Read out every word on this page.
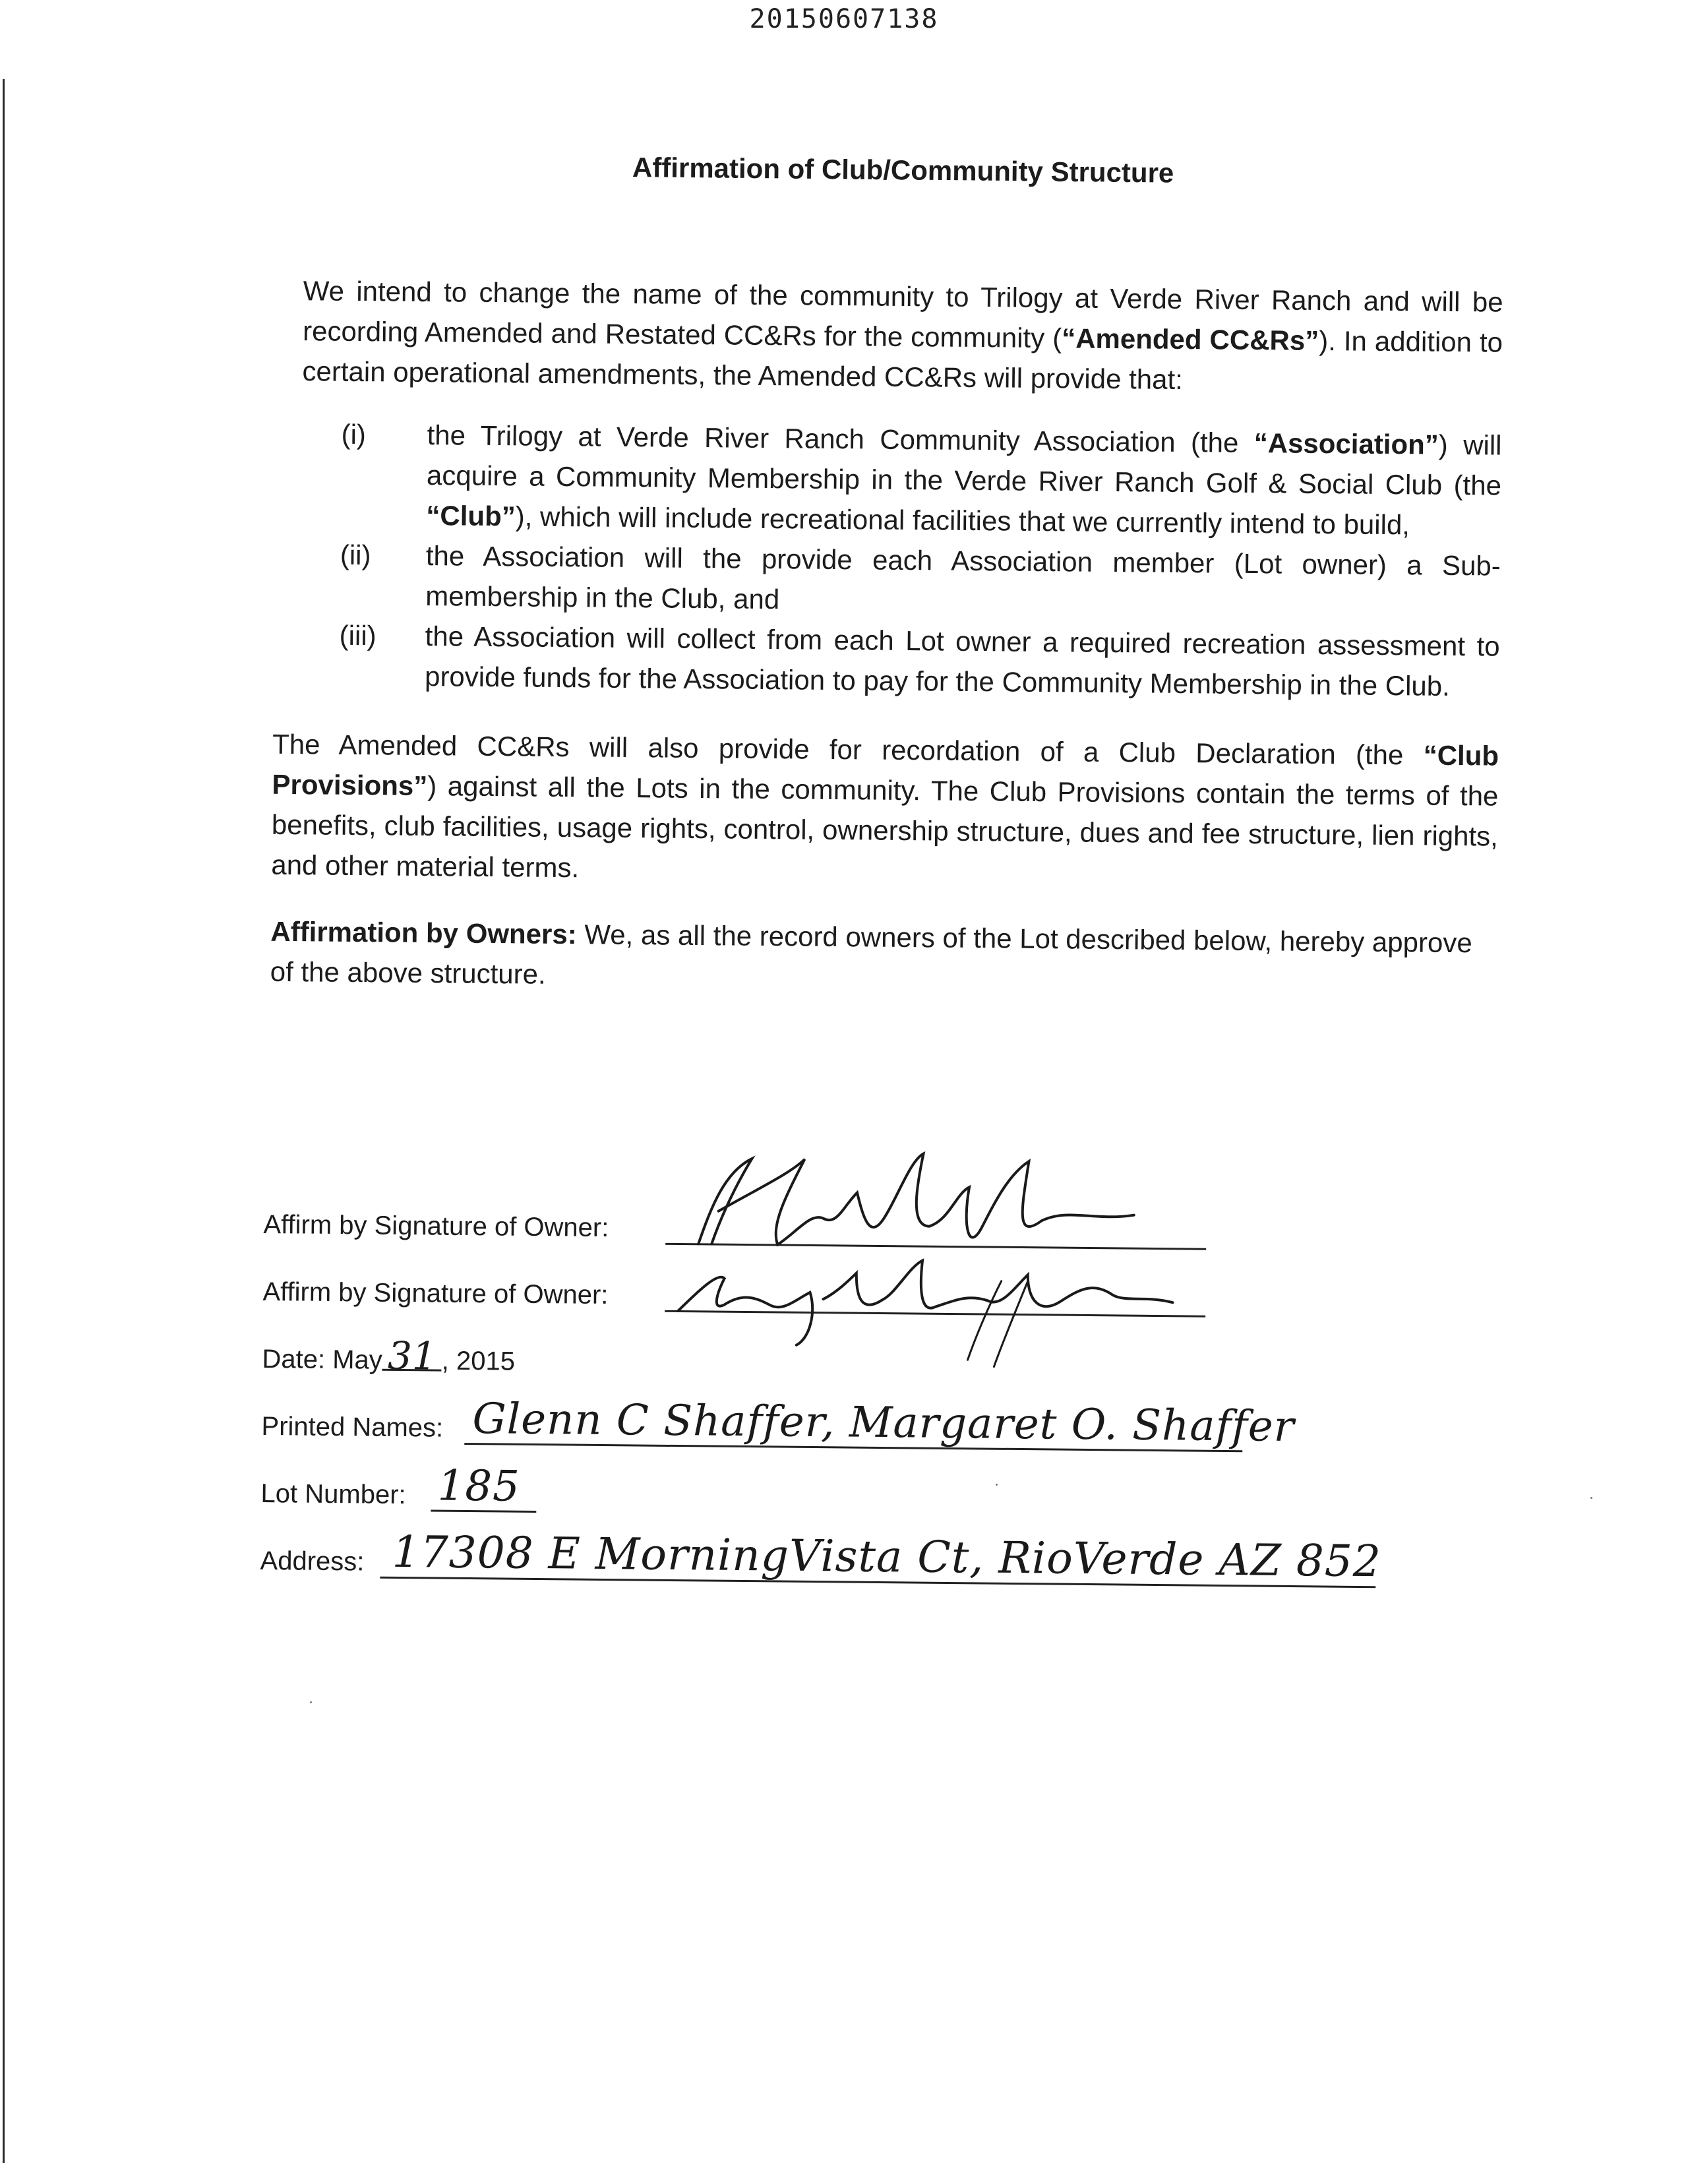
20150607138
Affirmation of Club/Community Structure

We intend to change the name of the community to Trilogy at Verde River Ranch and will be recording Amended and Restated CC&Rs for the community (“Amended CC&Rs”). In addition to certain operational amendments, the Amended CC&Rs will provide that:

(i) the Trilogy at Verde River Ranch Community Association (the “Association”) will acquire a Community Membership in the Verde River Ranch Golf & Social Club (the “Club”), which will include recreational facilities that we currently intend to build,
(ii) the Association will the provide each Association member (Lot owner) a Sub-membership in the Club, and
(iii) the Association will collect from each Lot owner a required recreation assessment to provide funds for the Association to pay for the Community Membership in the Club.

The Amended CC&Rs will also provide for recordation of a Club Declaration (the “Club Provisions”) against all the Lots in the community. The Club Provisions contain the terms of the benefits, club facilities, usage rights, control, ownership structure, dues and fee structure, lien rights, and other material terms.

Affirmation by Owners: We, as all the record owners of the Lot described below, hereby approve of the above structure.

Affirm by Signature of Owner:
Affirm by Signature of Owner:
Date: May 31 , 2015
Printed Names: Glenn C Shaffer, Margaret O. Shaffer
Lot Number: 185
Address: 17308 E MorningVista Ct, RioVerde AZ 852
